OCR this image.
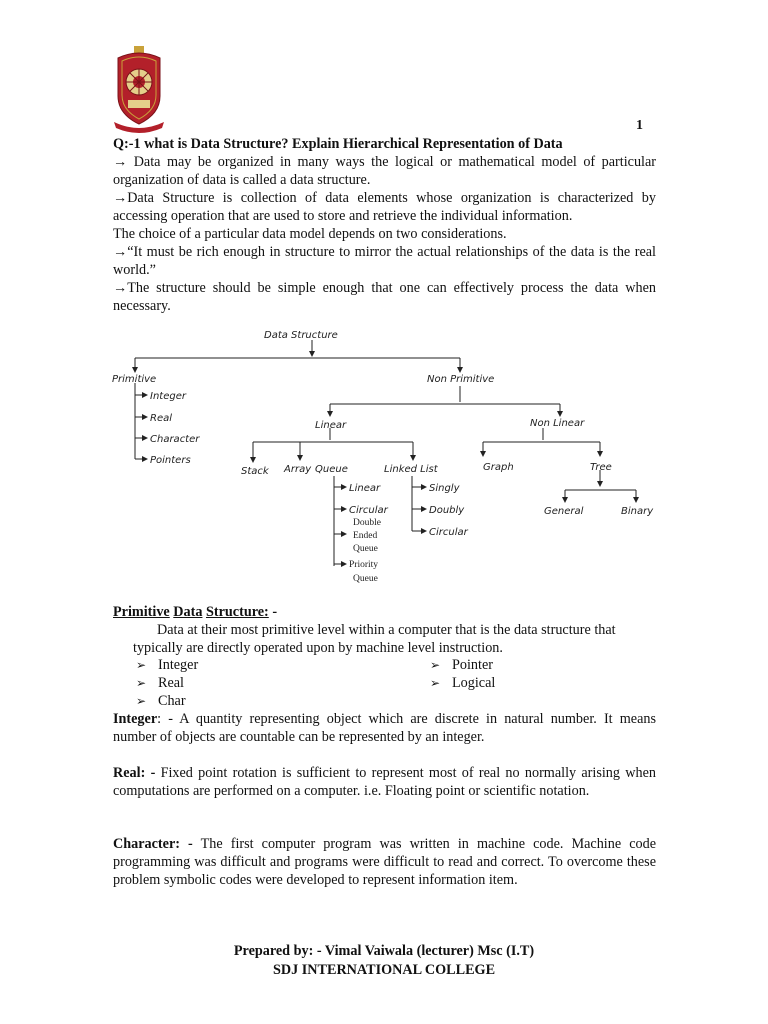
1
Q:-1 what is Data Structure? Explain Hierarchical Representation of Data

→ Data may be organized in many ways the logical or mathematical model of particular organization of data is called a data structure.

→Data Structure is collection of data elements whose organization is characterized by accessing operation that are used to store and retrieve the individual information.

The choice of a particular data model depends on two considerations.

→“It must be rich enough in structure to mirror the actual relationships of the data is the real world.”

→The structure should be simple enough that one can effectively process the data when necessary.

Data Structure
Primitive
Integer
Real
Character
Pointers
Non Primitive
Linear	Non Linear
Stack Array Queue	Linked List
Linear
Circular
Double
Ended
Queue
Priority
Queue
Singly
Doubly
Circular
Graph	Tree
General	Binary
Primitive Data Structure: -
Data at their most primitive level within a computer that is the data structure that typically are directly operated upon by machine level instruction.
➢ Integer
➢ Real
➢ Char
➢ Pointer
➢ Logical
Integer: - A quantity representing object which are discrete in natural number. It means number of objects are countable can be represented by an integer.
Real: - Fixed point rotation is sufficient to represent most of real no normally arising when computations are performed on a computer. i.e. Floating point or scientific notation.
Character: - The first computer program was written in machine code. Machine code programming was difficult and programs were difficult to read and correct. To overcome these problem symbolic codes were developed to represent information item.
Prepared by: - Vimal Vaiwala (lecturer) Msc (I.T)
SDJ INTERNATIONAL COLLEGE
